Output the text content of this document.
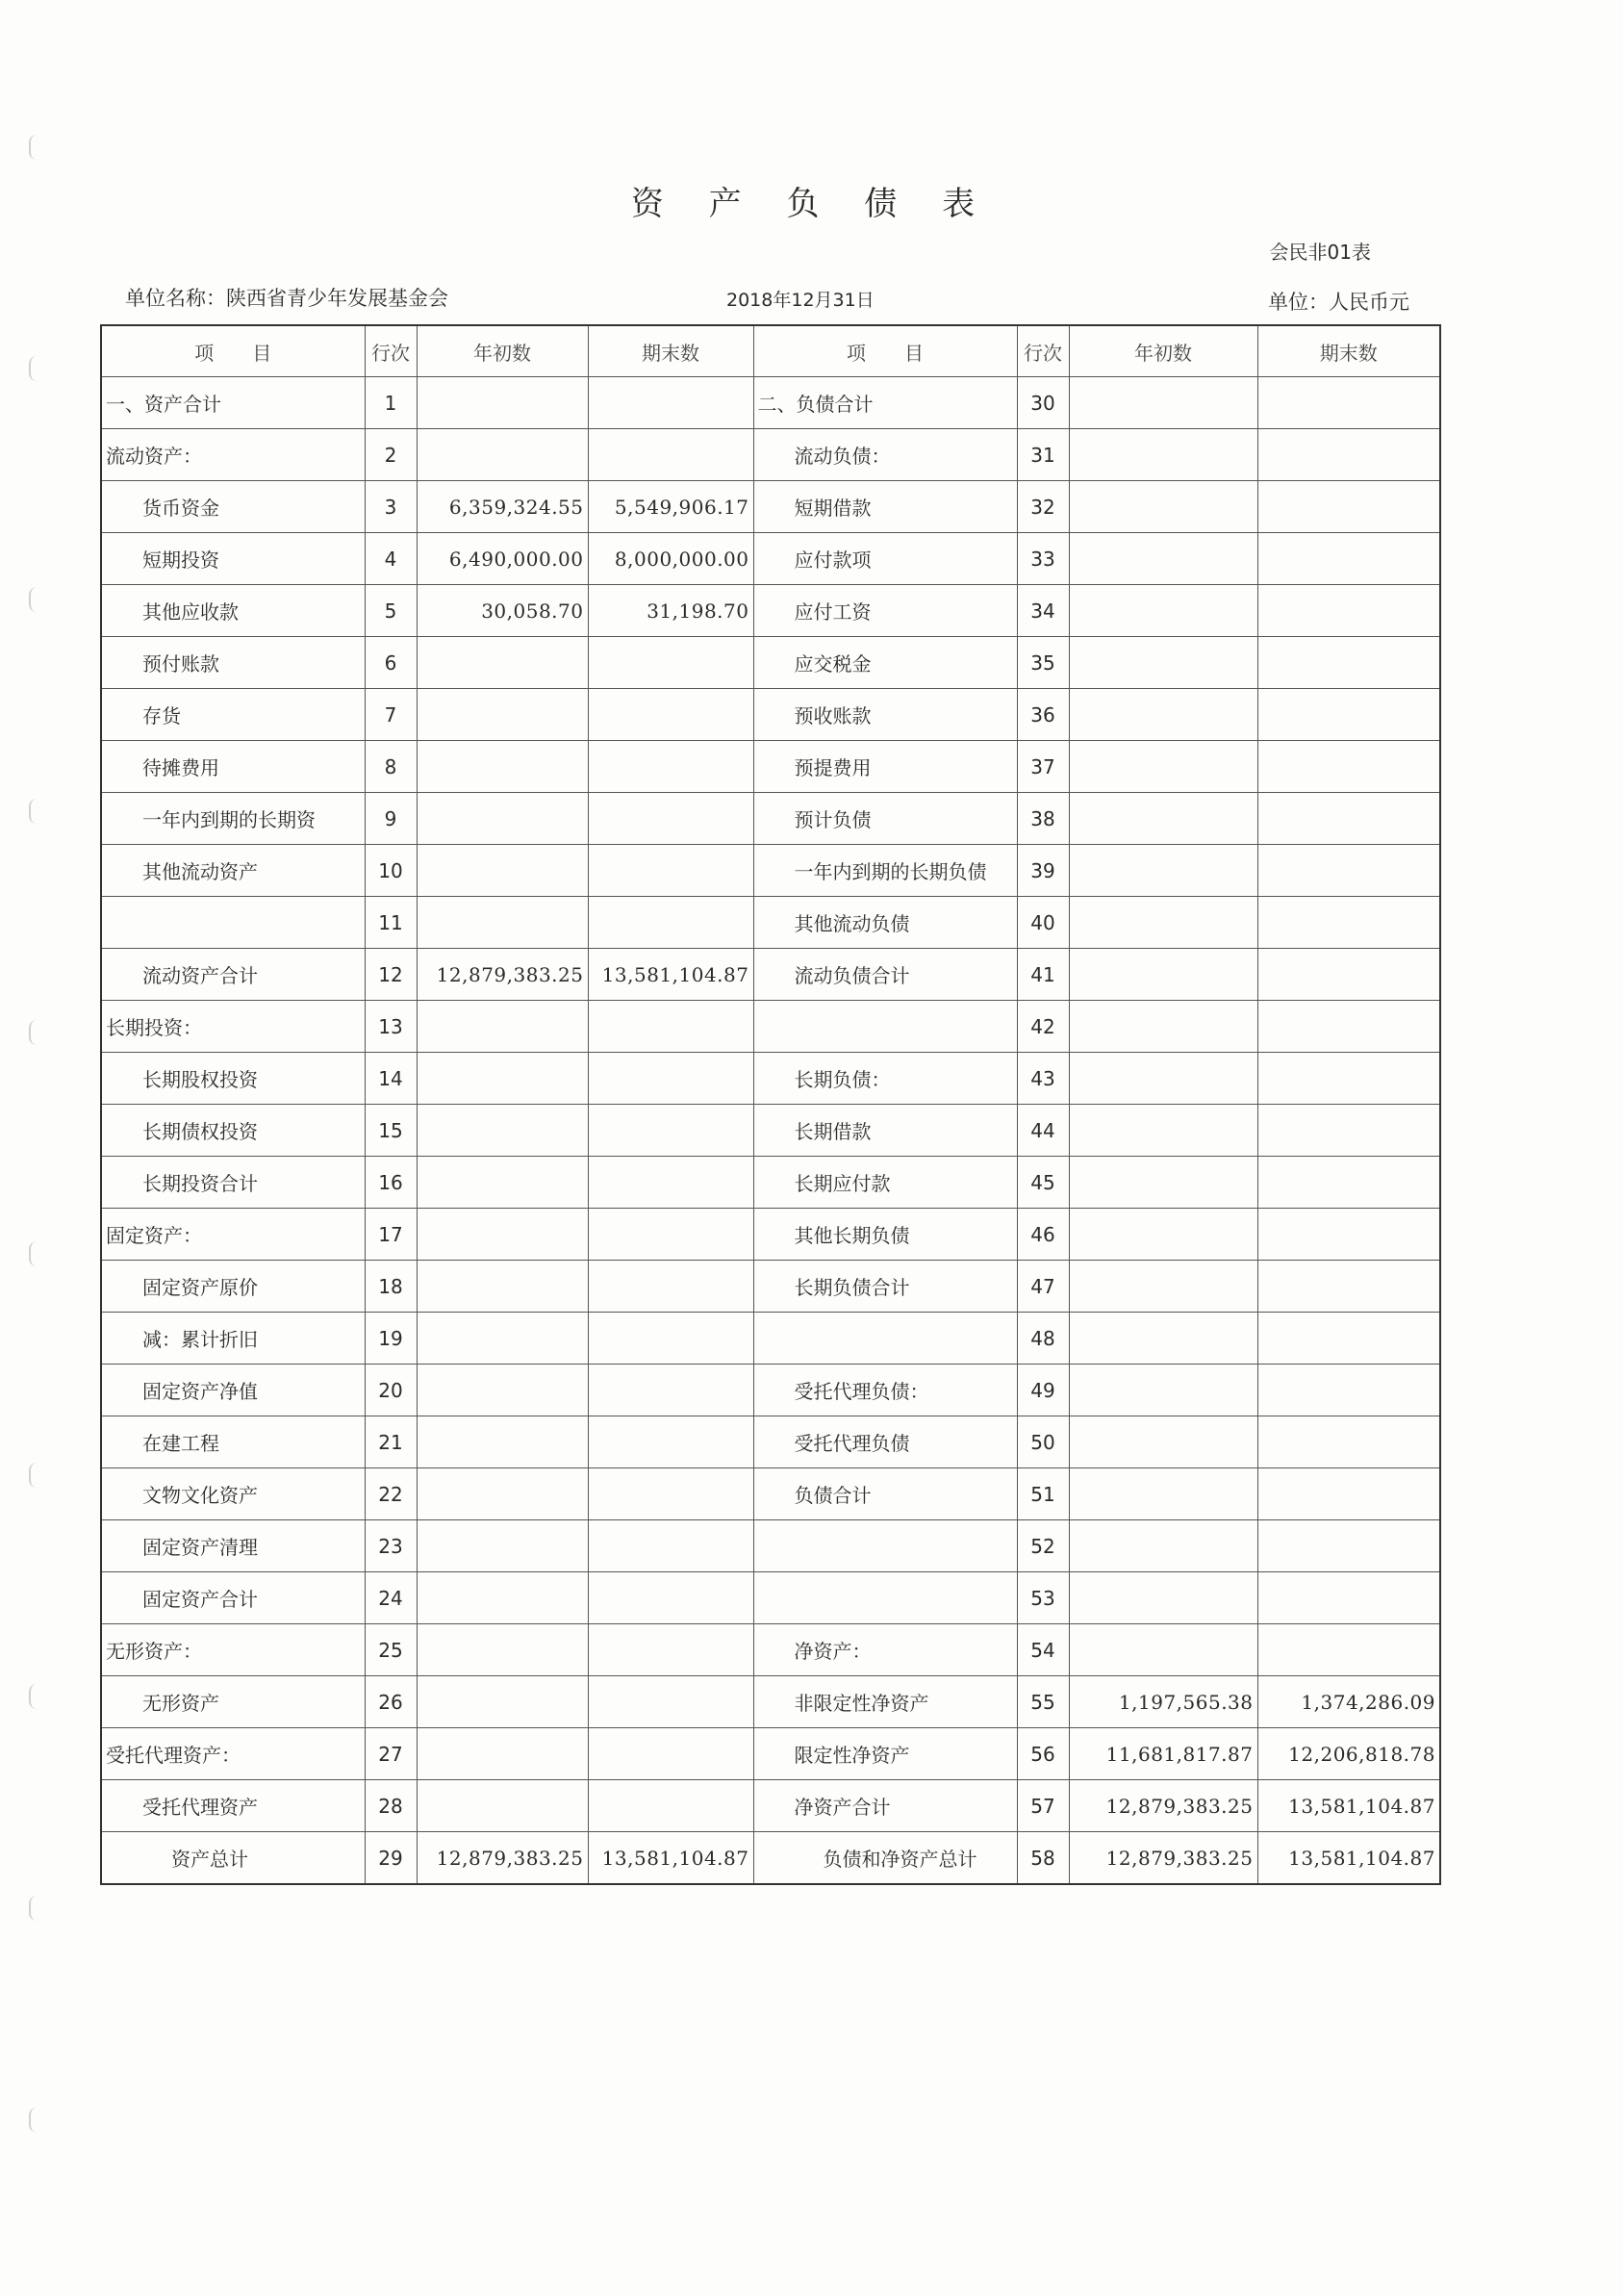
资 产 负 债 表
会民非01表
单位名称：陕西省青少年发展基金会	2018年12月31日	单位：人民币元
项　　目	行次	年初数	期末数	项　　目	行次	年初数	期末数
一、资产合计	1			二、负债合计	30		
流动资产：	2			流动负债：	31		
货币资金	3	6,359,324.55	5,549,906.17	短期借款	32		
短期投资	4	6,490,000.00	8,000,000.00	应付款项	33		
其他应收款	5	30,058.70	31,198.70	应付工资	34		
预付账款	6			应交税金	35		
存货	7			预收账款	36		
待摊费用	8			预提费用	37		
一年内到期的长期资	9			预计负债	38		
其他流动资产	10			一年内到期的长期负债	39		
	11			其他流动负债	40		
流动资产合计	12	12,879,383.25	13,581,104.87	流动负债合计	41		
长期投资：	13				42		
长期股权投资	14			长期负债：	43		
长期债权投资	15			长期借款	44		
长期投资合计	16			长期应付款	45		
固定资产：	17			其他长期负债	46		
固定资产原价	18			长期负债合计	47		
减：累计折旧	19				48		
固定资产净值	20			受托代理负债：	49		
在建工程	21			受托代理负债	50		
文物文化资产	22			负债合计	51		
固定资产清理	23				52		
固定资产合计	24				53		
无形资产：	25			净资产：	54		
无形资产	26			非限定性净资产	55	1,197,565.38	1,374,286.09
受托代理资产：	27			限定性净资产	56	11,681,817.87	12,206,818.78
受托代理资产	28			净资产合计	57	12,879,383.25	13,581,104.87
资产总计	29	12,879,383.25	13,581,104.87	负债和净资产总计	58	12,879,383.25	13,581,104.87
